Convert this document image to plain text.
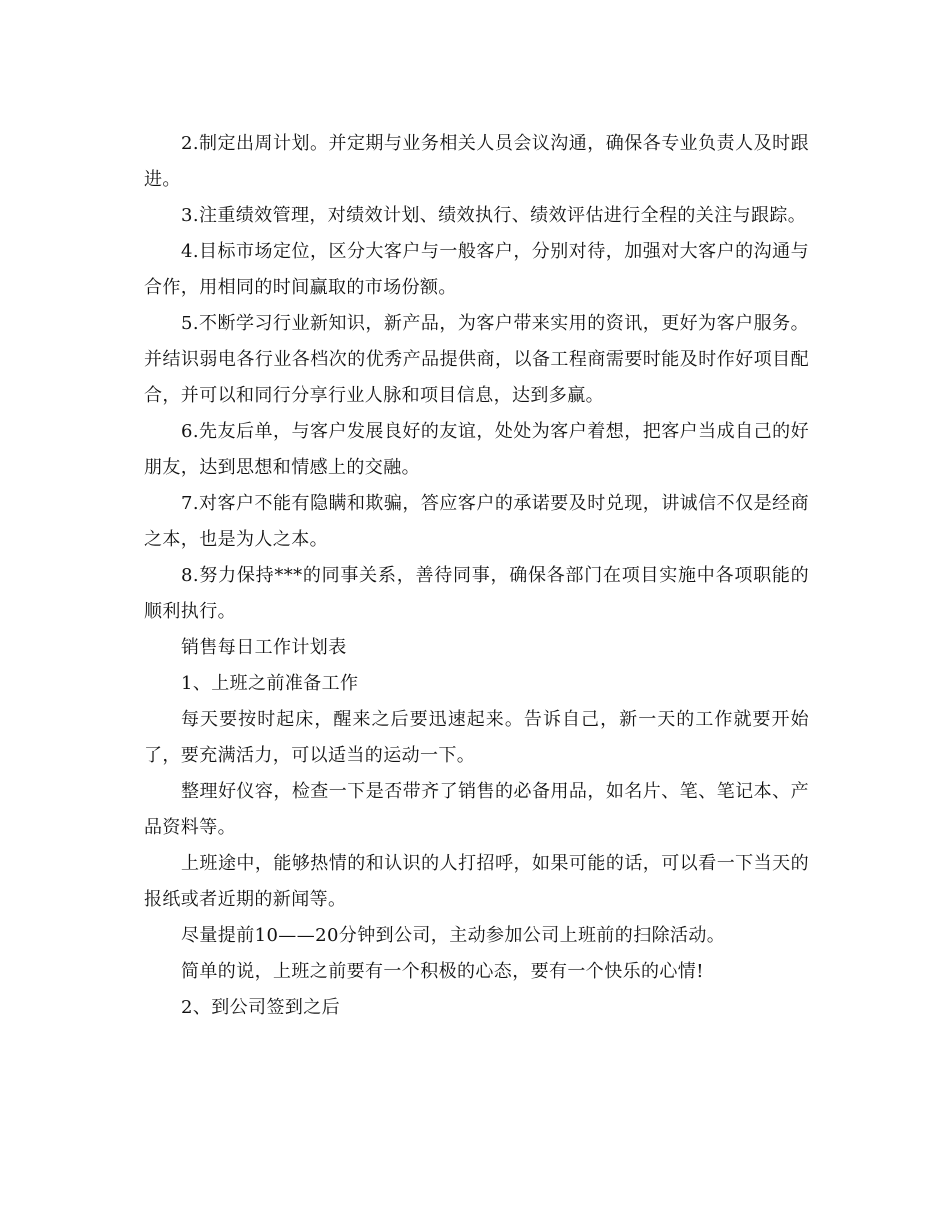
2.制定出周计划。并定期与业务相关人员会议沟通，确保各专业负责人及时跟进。

3.注重绩效管理，对绩效计划、绩效执行、绩效评估进行全程的关注与跟踪。

4.目标市场定位，区分大客户与一般客户，分别对待，加强对大客户的沟通与合作，用相同的时间赢取的市场份额。

5.不断学习行业新知识，新产品，为客户带来实用的资讯，更好为客户服务。并结识弱电各行业各档次的优秀产品提供商，以备工程商需要时能及时作好项目配合，并可以和同行分享行业人脉和项目信息，达到多赢。

6.先友后单，与客户发展良好的友谊，处处为客户着想，把客户当成自己的好朋友，达到思想和情感上的交融。

7.对客户不能有隐瞒和欺骗，答应客户的承诺要及时兑现，讲诚信不仅是经商之本，也是为人之本。

8.努力保持***的同事关系，善待同事，确保各部门在项目实施中各项职能的顺利执行。

销售每日工作计划表

1、上班之前准备工作

每天要按时起床，醒来之后要迅速起来。告诉自己，新一天的工作就要开始了，要充满活力，可以适当的运动一下。

整理好仪容，检查一下是否带齐了销售的必备用品，如名片、笔、笔记本、产品资料等。

上班途中，能够热情的和认识的人打招呼，如果可能的话，可以看一下当天的报纸或者近期的新闻等。

尽量提前10——20分钟到公司，主动参加公司上班前的扫除活动。

简单的说，上班之前要有一个积极的心态，要有一个快乐的心情!

2、到公司签到之后
